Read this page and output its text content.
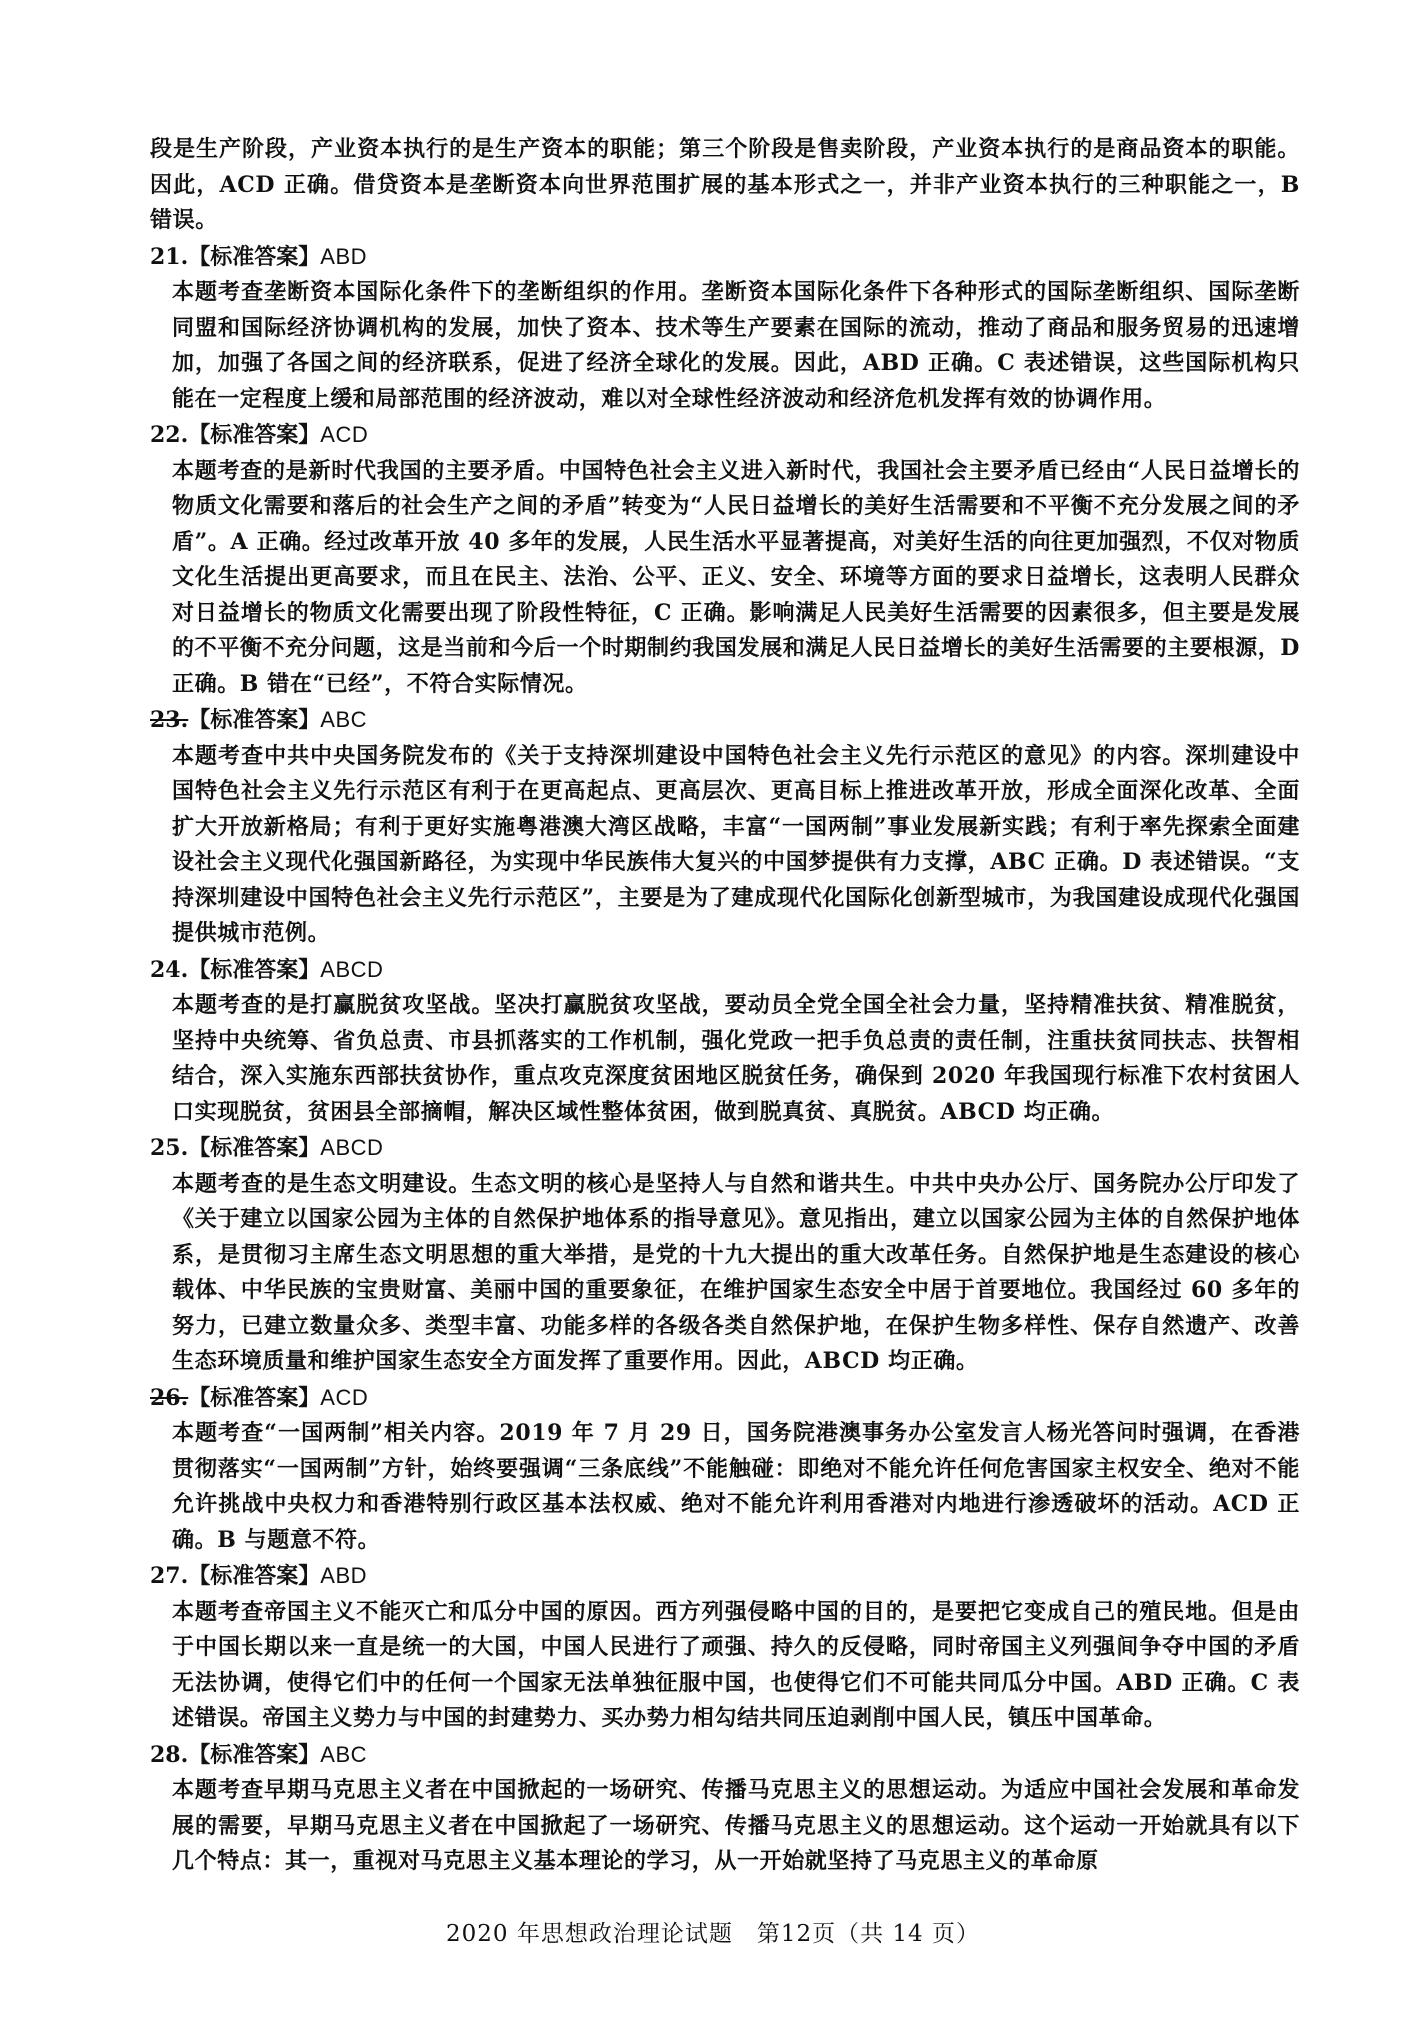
段是生产阶段，产业资本执行的是生产资本的职能；第三个阶段是售卖阶段，产业资本执行的是商品资本的职能。因此，ACD 正确。借贷资本是垄断资本向世界范围扩展的基本形式之一，并非产业资本执行的三种职能之一，B 错误。

21.【标准答案】ABD

本题考查垄断资本国际化条件下的垄断组织的作用。垄断资本国际化条件下各种形式的国际垄断组织、国际垄断同盟和国际经济协调机构的发展，加快了资本、技术等生产要素在国际的流动，推动了商品和服务贸易的迅速增加，加强了各国之间的经济联系，促进了经济全球化的发展。因此，ABD 正确。C 表述错误，这些国际机构只能在一定程度上缓和局部范围的经济波动，难以对全球性经济波动和经济危机发挥有效的协调作用。

22.【标准答案】ACD

本题考查的是新时代我国的主要矛盾。中国特色社会主义进入新时代，我国社会主要矛盾已经由“人民日益增长的物质文化需要和落后的社会生产之间的矛盾”转变为“人民日益增长的美好生活需要和不平衡不充分发展之间的矛盾”。A 正确。经过改革开放 40 多年的发展，人民生活水平显著提高，对美好生活的向往更加强烈，不仅对物质文化生活提出更高要求，而且在民主、法治、公平、正义、安全、环境等方面的要求日益增长，这表明人民群众对日益增长的物质文化需要出现了阶段性特征，C 正确。影响满足人民美好生活需要的因素很多，但主要是发展的不平衡不充分问题，这是当前和今后一个时期制约我国发展和满足人民日益增长的美好生活需要的主要根源，D 正确。B 错在“已经”，不符合实际情况。

23.【标准答案】ABC

本题考查中共中央国务院发布的《关于支持深圳建设中国特色社会主义先行示范区的意见》的内容。深圳建设中国特色社会主义先行示范区有利于在更高起点、更高层次、更高目标上推进改革开放，形成全面深化改革、全面扩大开放新格局；有利于更好实施粤港澳大湾区战略，丰富“一国两制”事业发展新实践；有利于率先探索全面建设社会主义现代化强国新路径，为实现中华民族伟大复兴的中国梦提供有力支撑，ABC 正确。D 表述错误。“支持深圳建设中国特色社会主义先行示范区”，主要是为了建成现代化国际化创新型城市，为我国建设成现代化强国提供城市范例。

24.【标准答案】ABCD

本题考查的是打赢脱贫攻坚战。坚决打赢脱贫攻坚战，要动员全党全国全社会力量，坚持精准扶贫、精准脱贫，坚持中央统筹、省负总责、市县抓落实的工作机制，强化党政一把手负总责的责任制，注重扶贫同扶志、扶智相结合，深入实施东西部扶贫协作，重点攻克深度贫困地区脱贫任务，确保到 2020 年我国现行标准下农村贫困人口实现脱贫，贫困县全部摘帽，解决区域性整体贫困，做到脱真贫、真脱贫。ABCD 均正确。

25.【标准答案】ABCD

本题考查的是生态文明建设。生态文明的核心是坚持人与自然和谐共生。中共中央办公厅、国务院办公厅印发了《关于建立以国家公园为主体的自然保护地体系的指导意见》。意见指出，建立以国家公园为主体的自然保护地体系，是贯彻习主席生态文明思想的重大举措，是党的十九大提出的重大改革任务。自然保护地是生态建设的核心载体、中华民族的宝贵财富、美丽中国的重要象征，在维护国家生态安全中居于首要地位。我国经过 60 多年的努力，已建立数量众多、类型丰富、功能多样的各级各类自然保护地，在保护生物多样性、保存自然遗产、改善生态环境质量和维护国家生态安全方面发挥了重要作用。因此，ABCD 均正确。

26.【标准答案】ACD

本题考查“一国两制”相关内容。2019 年 7 月 29 日，国务院港澳事务办公室发言人杨光答问时强调，在香港贯彻落实“一国两制”方针，始终要强调“三条底线”不能触碰：即绝对不能允许任何危害国家主权安全、绝对不能允许挑战中央权力和香港特别行政区基本法权威、绝对不能允许利用香港对内地进行渗透破坏的活动。ACD 正确。B 与题意不符。

27.【标准答案】ABD

本题考查帝国主义不能灭亡和瓜分中国的原因。西方列强侵略中国的目的，是要把它变成自己的殖民地。但是由于中国长期以来一直是统一的大国，中国人民进行了顽强、持久的反侵略，同时帝国主义列强间争夺中国的矛盾无法协调，使得它们中的任何一个国家无法单独征服中国，也使得它们不可能共同瓜分中国。ABD 正确。C 表述错误。帝国主义势力与中国的封建势力、买办势力相勾结共同压迫剥削中国人民，镇压中国革命。

28.【标准答案】ABC

本题考查早期马克思主义者在中国掀起的一场研究、传播马克思主义的思想运动。为适应中国社会发展和革命发展的需要，早期马克思主义者在中国掀起了一场研究、传播马克思主义的思想运动。这个运动一开始就具有以下几个特点：其一，重视对马克思主义基本理论的学习，从一开始就坚持了马克思主义的革命原

2020 年思想政治理论试题　第12页（共 14 页）
